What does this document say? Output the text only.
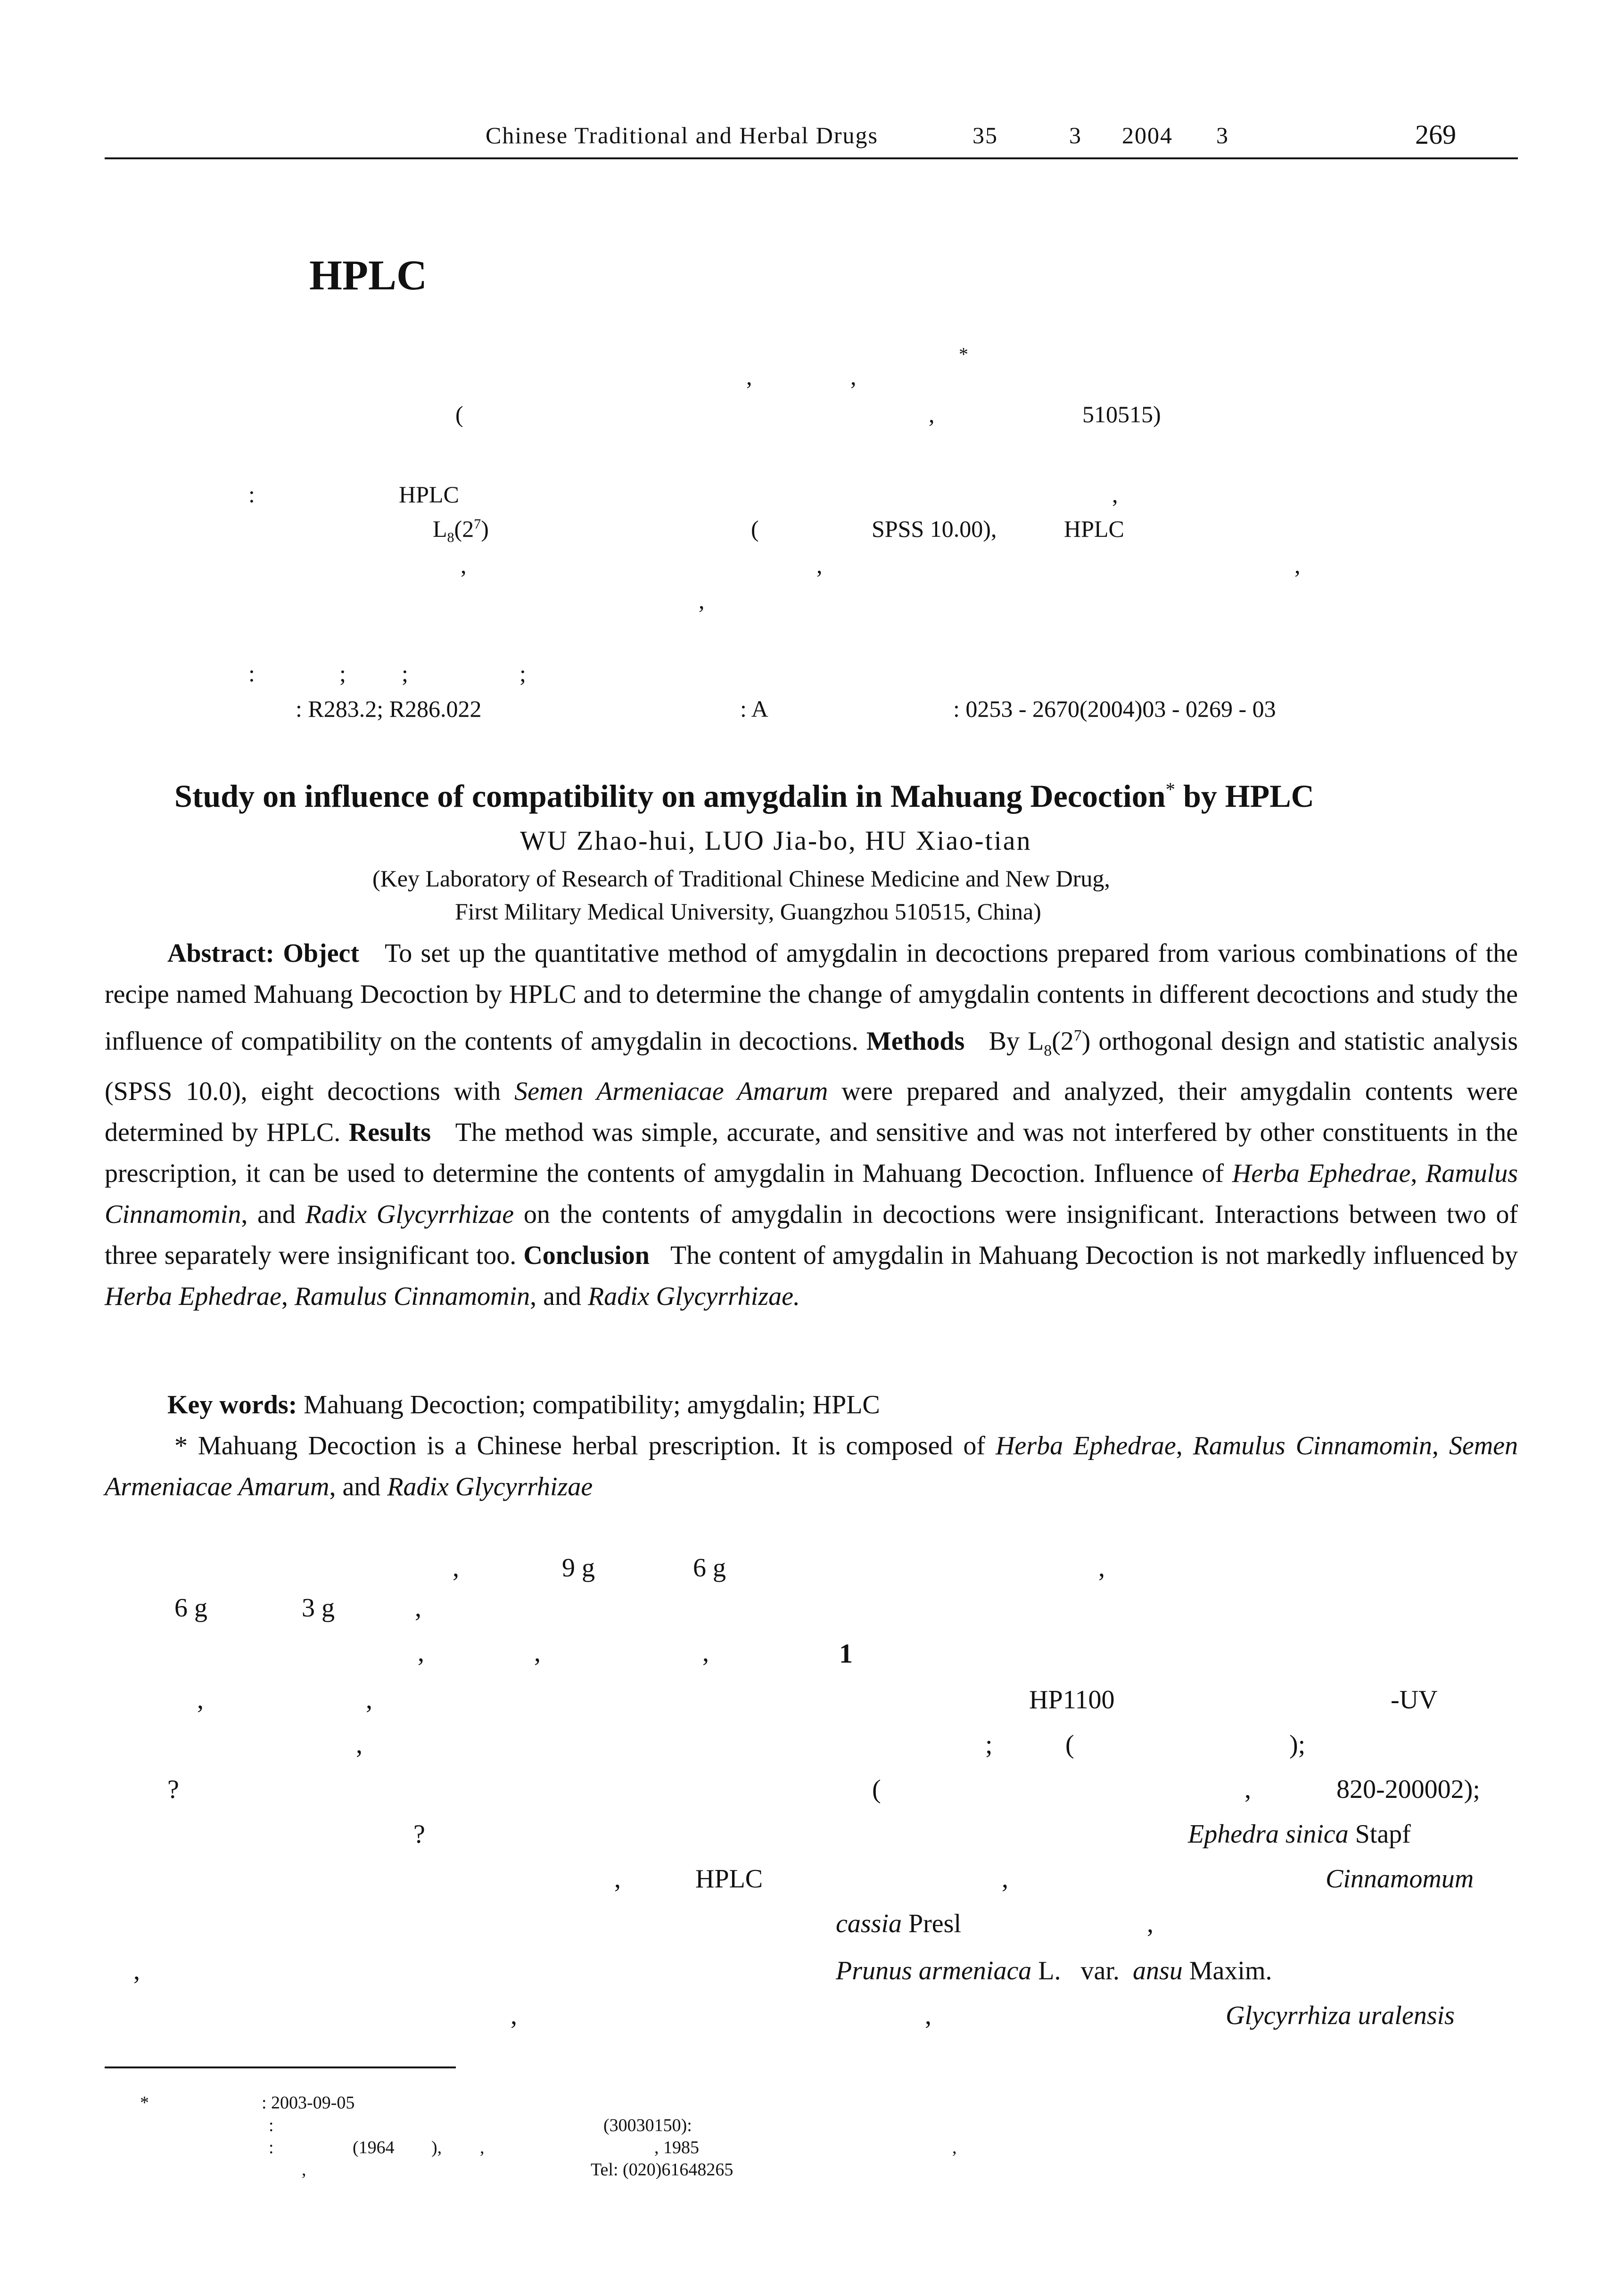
Chinese Traditional and Herbal Drugs	35	3 2004 3	269
HPLC
*
,	,
(	,	510515)
:	HPLC	,
$L_8(2^7)$	(	SPSS 10.00),	HPLC
,	,	,
,
:	; ;	;
: R283.2; R286.022	: A	: 0253 - 2670(2004)03 - 0269 - 03
Study on influence of compatibility on amygdalin in Mahuang Decoction* by HPLC
WU Zhao-hui, LUO Jia-bo, HU Xiao-tian
(Key Laboratory of Research of Traditional Chinese Medicine and New Drug,
First Military Medical University, Guangzhou 510515, China)
Abstract: Object To set up the quantitative method of amygdalin in decoctions prepared from various combinations of the recipe named Mahuang Decoction by HPLC and to determine the change of amygdalin contents in different decoctions and study the influence of compatibility on the contents of amygdalin in decoctions. Methods By $L_8(2^7)$ orthogonal design and statistic analysis (SPSS 10.0), eight decoctions with Semen Armeniacae Amarum were prepared and analyzed, their amygdalin contents were determined by HPLC. Results The method was simple, accurate, and sensitive and was not interfered by other constituents in the prescription, it can be used to determine the contents of amygdalin in Mahuang Decoction. Influence of Herba Ephedrae, Ramulus Cinnamomin, and Radix Glycyrrhizae on the contents of amygdalin in decoctions were insignificant. Interactions between two of three separately were insignificant too. Conclusion The content of amygdalin in Mahuang Decoction is not markedly influenced by Herba Ephedrae, Ramulus Cinnamomin, and Radix Glycyrrhizae.
Key words: Mahuang Decoction; compatibility; amygdalin; HPLC
* Mahuang Decoction is a Chinese herbal prescription. It is composed of Herba Ephedrae, Ramulus Cinnamomin, Semen Armeniacae Amarum, and Radix Glycyrrhizae
,	9 g	6 g	,
6 g	3 g	,
,	,	,
,	,
,
?
?
,	HPLC
,
,
1
HP1100	-UV
;	(	);
(	,	820-200002);
Ephedra sinica Stapf
,	Cinnamomum
cassia Presl	,
Prunus armeniaca L. var. ansu Maxim.
,	Glycyrrhiza uralensis
*	: 2003-09-05
:	(30030150):
:	(1964 ), ,	, 1985	,
,	Tel: (020)61648265
